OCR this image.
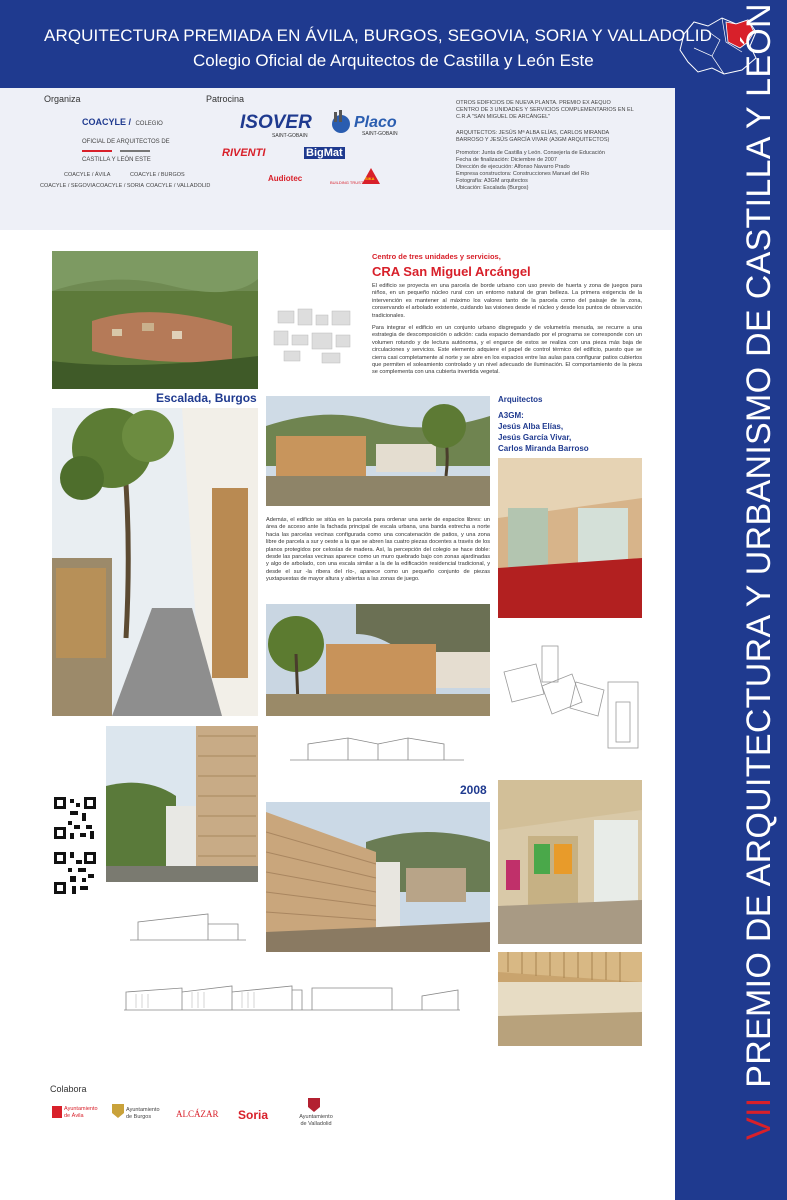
ARQUITECTURA PREMIADA EN ÁVILA, BURGOS, SEGOVIA, SORIA Y VALLADOLID
Colegio Oficial de Arquitectos de Castilla y León Este
Organiza	Patrocina
COACYLE / COLEGIO OFICIAL DE ARQUITECTOS DE CASTILLA Y LEÓN ESTE
COACYLE / ÁVILA	COACYLE / BURGOS
COACYLE / SEGOVIA COACYLE / SORIA COACYLE / VALLADOLID
ISOVER
SAINT-GOBAIN
Placo
SAINT-GOBAIN
RIVENTI	BigMat
Audiotec	SIKA
BUILDING TRUST
OTROS EDIFICIOS DE NUEVA PLANTA. PREMIO EX AEQUO
CENTRO DE 3 UNIDADES Y SERVICIOS COMPLEMENTARIOS EN EL C.R.A "SAN MIGUEL DE ARCÁNGEL"
ARQUITECTOS: JESÚS Mª ALBA ELÍAS, CARLOS MIRANDA BARROSO Y JESÚS GARCÍA VIVAR (A3GM ARQUITECTOS)
Promotor: Junta de Castilla y León. Consejería de Educación
Fecha de finalización: Diciembre de 2007
Dirección de ejecución: Alfonso Navarro Prado
Empresa constructora: Construcciones Manuel del Río
Fotografía: A3GM arquitectos
Ubicación: Escalada (Burgos)
VII PREMIO DE ARQUITECTURA Y URBANISMO DE CASTILLA Y LEÓN
Centro de tres unidades y servicios,
CRA San Miguel Arcángel
El edificio se proyecta en una parcela de borde urbano con uso previo de huerta y zona de juegos para niños, en un pequeño núcleo rural con un entorno natural de gran belleza. La primera exigencia de la intervención es mantener al máximo los valores tanto de la parcela como del paisaje de la zona, conservando el arbolado existente, cuidando las visiones desde el núcleo y desde los puntos de observación tradicionales.
Para integrar el edificio en un conjunto urbano disgregado y de volumetría menuda, se recurre a una estrategia de descomposición o adición: cada espacio demandado por el programa se corresponde con un volumen rotundo y de lectura autónoma, y el engarce de estos se realiza con una pieza más baja de circulaciones y servicios. Este elemento adquiere el papel de control térmico del edificio, puesto que se cierra casi completamente al norte y se abre en los espacios entre las aulas para configurar patios cubiertos que permiten el soleamiento controlado y un nivel adecuado de iluminación. El comportamiento de la pieza se complementa con una cubierta invertida vegetal.
Escalada, Burgos	Arquitectos
A3GM:
Jesús Alba Elías,
Jesús García Vivar,
Carlos Miranda Barroso
Además, el edificio se sitúa en la parcela para ordenar una serie de espacios libres: un área de acceso ante la fachada principal de escala urbana, una banda estrecha a norte hacia las parcelas vecinas configurada como una concatenación de patios, y una zona libre de parcela a sur y oeste a la que se abren las cuatro piezas docentes a través de los planos protegidos por celosías de madera. Así, la percepción del colegio se hace doble: desde las parcelas vecinas aparece como un muro quebrado bajo con zonas ajardinadas y algo de arbolado, con una escala similar a la de la edificación residencial tradicional, y desde el sur -la ribera del río-, aparece como un pequeño conjunto de piezas yuxtapuestas de mayor altura y abiertas a las zonas de juego.
2008
Colabora
Ayuntamiento de Ávila
Ayuntamiento de Burgos	ALCÁZAR Soria	Ayuntamiento de Valladolid
